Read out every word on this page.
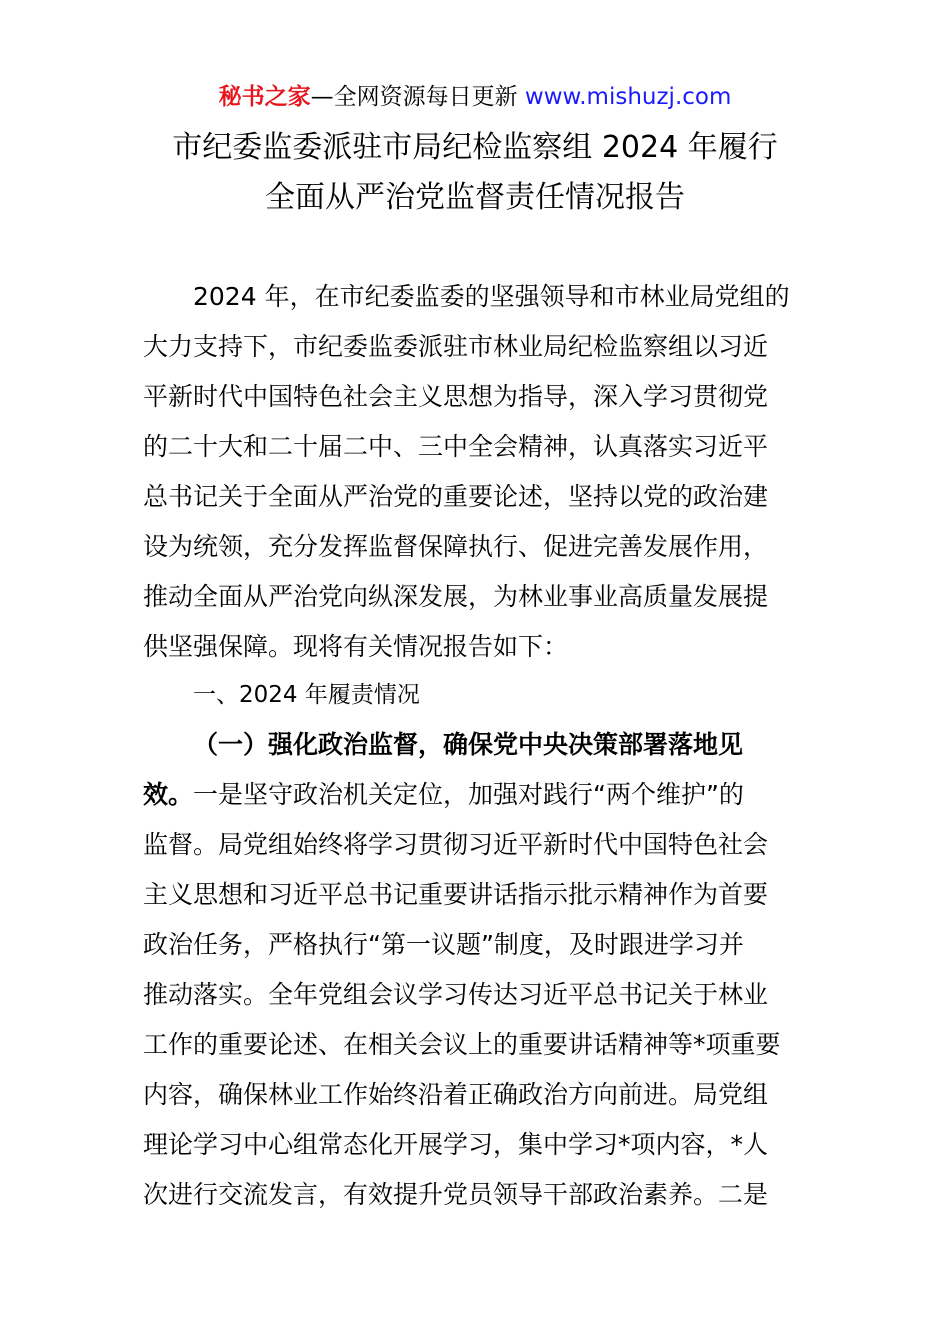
秘书之家—全网资源每日更新 www.mishuzj.com
市纪委监委派驻市局纪检监察组 2024 年履行
全面从严治党监督责任情况报告
2024 年，在市纪委监委的坚强领导和市林业局党组的
大力支持下，市纪委监委派驻市林业局纪检监察组以习近
平新时代中国特色社会主义思想为指导，深入学习贯彻党
的二十大和二十届二中、三中全会精神，认真落实习近平
总书记关于全面从严治党的重要论述，坚持以党的政治建
设为统领，充分发挥监督保障执行、促进完善发展作用，
推动全面从严治党向纵深发展，为林业事业高质量发展提
供坚强保障。现将有关情况报告如下：
一、2024 年履责情况
（一）强化政治监督，确保党中央决策部署落地见
效。一是坚守政治机关定位，加强对践行“两个维护”的
监督。局党组始终将学习贯彻习近平新时代中国特色社会
主义思想和习近平总书记重要讲话指示批示精神作为首要
政治任务，严格执行“第一议题”制度，及时跟进学习并
推动落实。全年党组会议学习传达习近平总书记关于林业
工作的重要论述、在相关会议上的重要讲话精神等*项重要
内容，确保林业工作始终沿着正确政治方向前进。局党组
理论学习中心组常态化开展学习，集中学习*项内容，*人
次进行交流发言，有效提升党员领导干部政治素养。二是
